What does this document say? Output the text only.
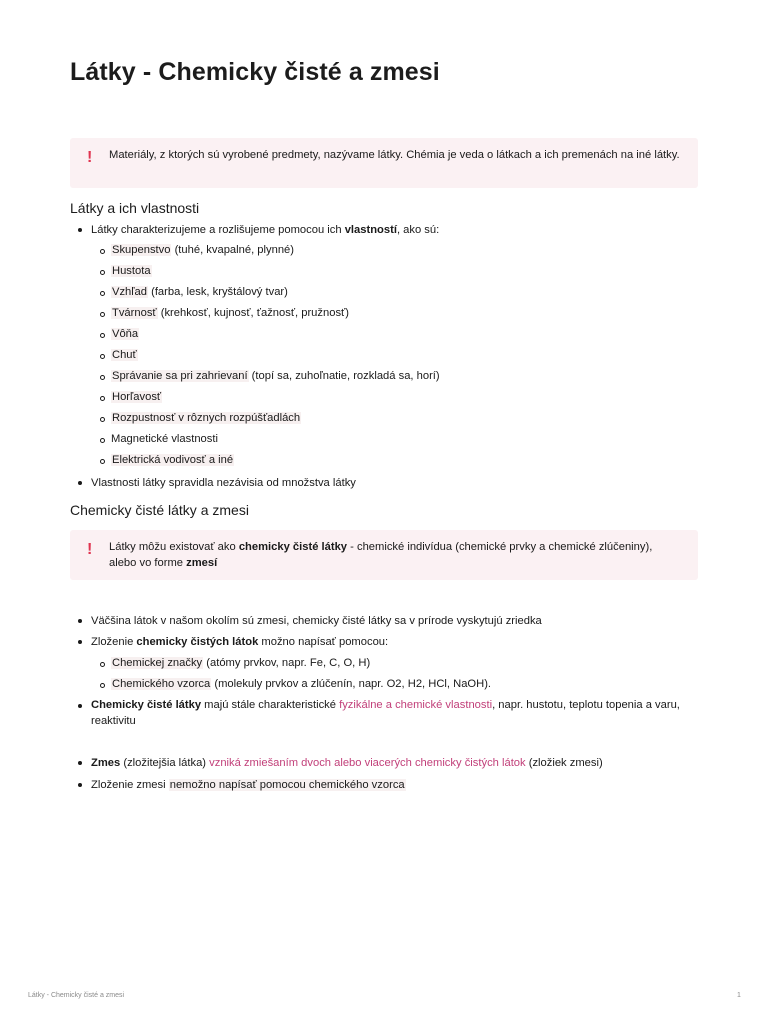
Látky - Chemicky čisté a zmesi
! Materiály, z ktorých sú vyrobené predmety, nazývame látky. Chémia je veda o látkach a ich premenách na iné látky.
Látky a ich vlastnosti
Látky charakterizujeme a rozlišujeme pomocou ich vlastností, ako sú:
Skupenstvo (tuhé, kvapalné, plynné)
Hustota
Vzhľad (farba, lesk, kryštálový tvar)
Tvárnosť (krehkosť, kujnosť, ťažnosť, pružnosť)
Vôňa
Chuť
Správanie sa pri zahrievaní (topí sa, zuhoľnatie, rozkladá sa, horí)
Horľavosť
Rozpustnosť v rôznych rozpúšťadlách
Magnetické vlastnosti
Elektrická vodivosť a iné
Vlastnosti látky spravidla nezávisia od množstva látky
Chemicky čisté látky a zmesi
! Látky môžu existovať ako chemicky čisté látky - chemické indivídua (chemické prvky a chemické zlúčeniny), alebo vo forme zmesí
Väčšina látok v našom okolím sú zmesi, chemicky čisté látky sa v prírode vyskytujú zriedka
Zloženie chemicky čistých látok možno napísať pomocou:
Chemickej značky (atómy prvkov, napr. Fe, C, O, H)
Chemického vzorca (molekuly prvkov a zlúčenín, napr. O2, H2, HCl, NaOH).
Chemicky čisté látky majú stále charakteristické fyzikálne a chemické vlastnosti, napr. hustotu, teplotu topenia a varu, reaktivitu
Zmes (zložitejšia látka) vzniká zmiešaním dvoch alebo viacerých chemicky čistých látok (zložiek zmesi)
Zloženie zmesi nemožno napísať pomocou chemického vzorca
Látky - Chemicky čisté a zmesi	1
